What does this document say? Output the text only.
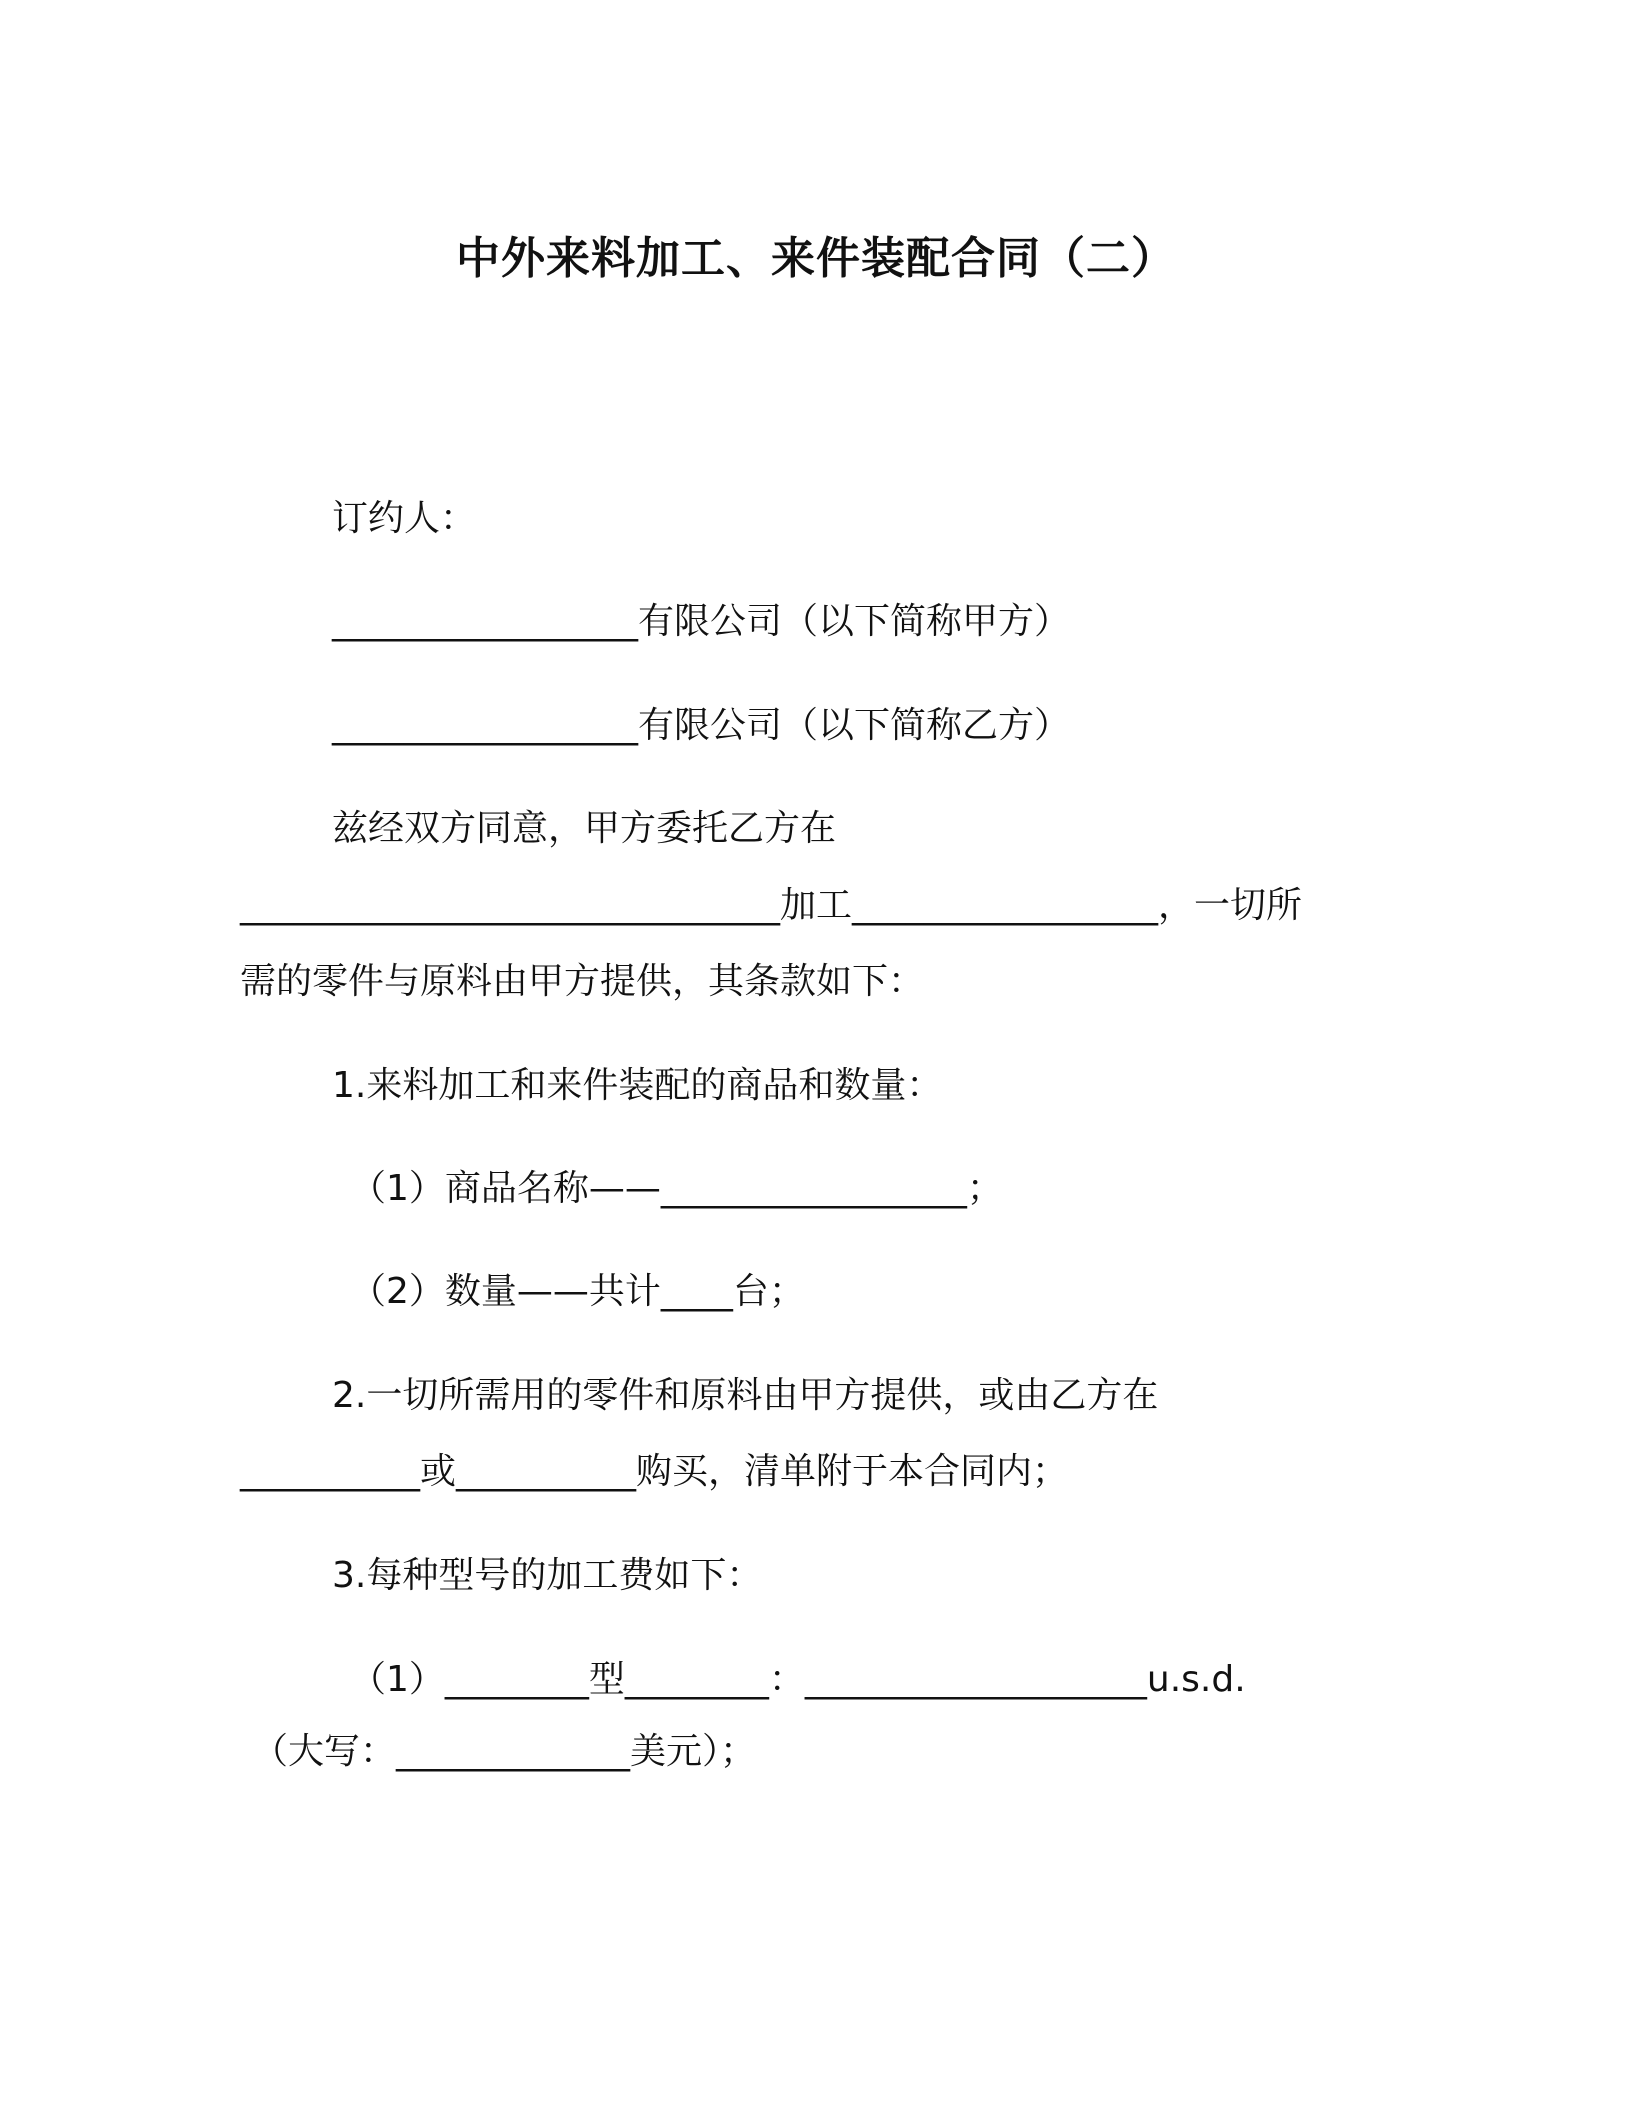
中外来料加工、来件装配合同（二）
订约人：
_________________有限公司（以下简称甲方）
_________________有限公司（以下简称乙方）
兹经双方同意，甲方委托乙方在
______________________________加工_________________，一切所
需的零件与原料由甲方提供，其条款如下：
1.来料加工和来件装配的商品和数量：
（1）商品名称——_________________；
（2）数量——共计____台；
2.一切所需用的零件和原料由甲方提供，或由乙方在
__________或__________购买，清单附于本合同内；
3.每种型号的加工费如下：
（1）________型________：___________________u.s.d.
（大写：_____________美元）；
